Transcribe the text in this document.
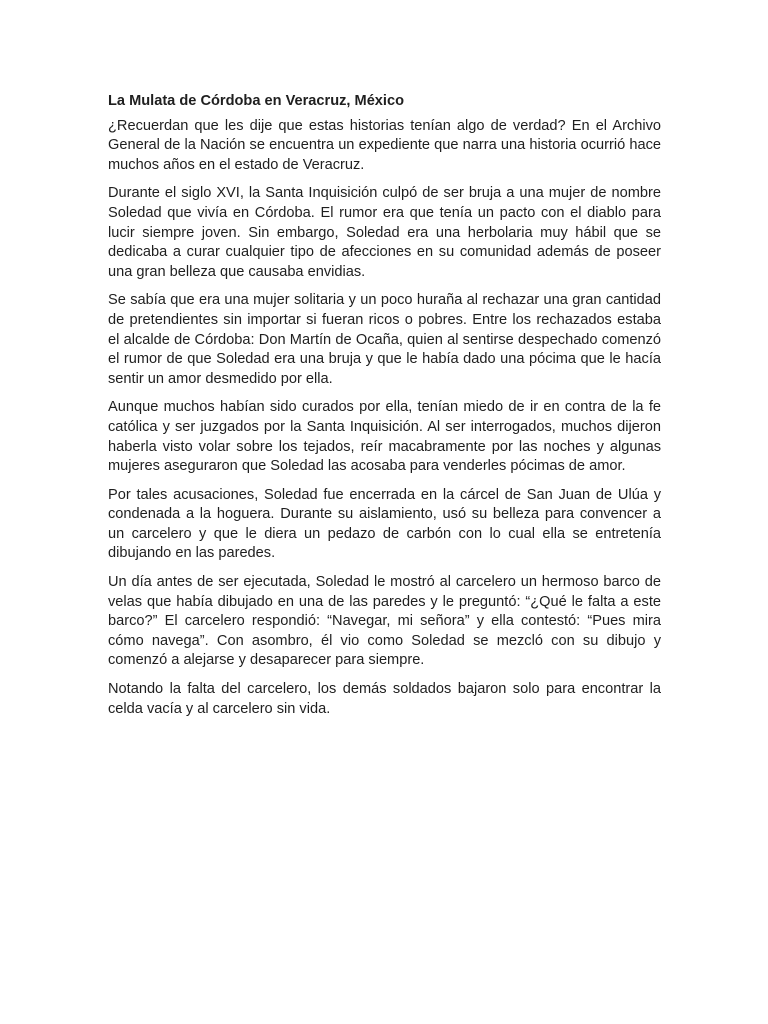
La Mulata de Córdoba en Veracruz, México

¿Recuerdan que les dije que estas historias tenían algo de verdad? En el Archivo General de la Nación se encuentra un expediente que narra una historia ocurrió hace muchos años en el estado de Veracruz.

Durante el siglo XVI, la Santa Inquisición culpó de ser bruja a una mujer de nombre Soledad que vivía en Córdoba. El rumor era que tenía un pacto con el diablo para lucir siempre joven. Sin embargo, Soledad era una herbolaria muy hábil que se dedicaba a curar cualquier tipo de afecciones en su comunidad además de poseer una gran belleza que causaba envidias.

Se sabía que era una mujer solitaria y un poco huraña al rechazar una gran cantidad de pretendientes sin importar si fueran ricos o pobres. Entre los rechazados estaba el alcalde de Córdoba: Don Martín de Ocaña, quien al sentirse despechado comenzó el rumor de que Soledad era una bruja y que le había dado una pócima que le hacía sentir un amor desmedido por ella.

Aunque muchos habían sido curados por ella, tenían miedo de ir en contra de la fe católica y ser juzgados por la Santa Inquisición. Al ser interrogados, muchos dijeron haberla visto volar sobre los tejados, reír macabramente por las noches y algunas mujeres aseguraron que Soledad las acosaba para venderles pócimas de amor.

Por tales acusaciones, Soledad fue encerrada en la cárcel de San Juan de Ulúa y condenada a la hoguera. Durante su aislamiento, usó su belleza para convencer a un carcelero y que le diera un pedazo de carbón con lo cual ella se entretenía dibujando en las paredes.

Un día antes de ser ejecutada, Soledad le mostró al carcelero un hermoso barco de velas que había dibujado en una de las paredes y le preguntó: “¿Qué le falta a este barco?” El carcelero respondió: “Navegar, mi señora” y ella contestó: “Pues mira cómo navega”. Con asombro, él vio como Soledad se mezcló con su dibujo y comenzó a alejarse y desaparecer para siempre.

Notando la falta del carcelero, los demás soldados bajaron solo para encontrar la celda vacía y al carcelero sin vida.
